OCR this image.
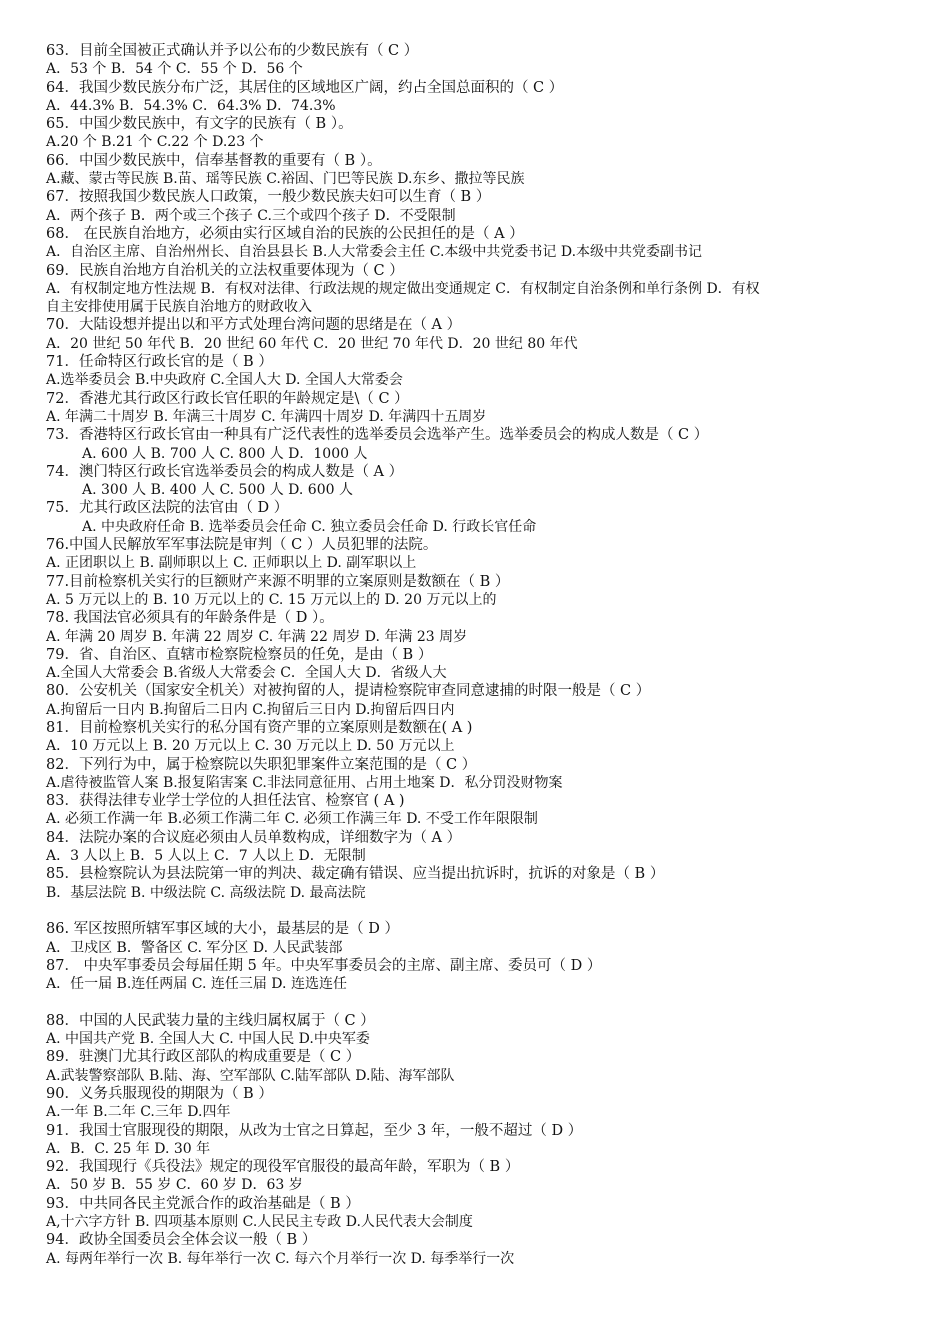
63．目前全国被正式确认并予以公布的少数民族有（ C ）
A．53 个 B．54 个 C．55 个 D．56 个
64．我国少数民族分布广泛，其居住的区域地区广阔，约占全国总面积的（ C ）
A．44.3% B．54.3% C．64.3% D．74.3%
65．中国少数民族中，有文字的民族有（ B ）。
A.20 个 B.21 个 C.22 个 D.23 个
66．中国少数民族中，信奉基督教的重要有（ B ）。
A.藏、蒙古等民族 B.苗、瑶等民族 C.裕固、门巴等民族 D.东乡、撒拉等民族
67．按照我国少数民族人口政策，一般少数民族夫妇可以生育（ B ）
A．两个孩子 B．两个或三个孩子 C.三个或四个孩子 D．不受限制
68． 在民族自治地方，必须由实行区域自治的民族的公民担任的是（ A ）
A．自治区主席、自治州州长、自治县县长 B.人大常委会主任 C.本级中共党委书记 D.本级中共党委副书记
69．民族自治地方自治机关的立法权重要体现为（ C ）
A．有权制定地方性法规 B．有权对法律、行政法规的规定做出变通规定 C．有权制定自治条例和单行条例 D．有权
自主安排使用属于民族自治地方的财政收入
70．大陆设想并提出以和平方式处理台湾问题的思绪是在（ A ）
A．20 世纪 50 年代 B．20 世纪 60 年代 C．20 世纪 70 年代 D．20 世纪 80 年代
71．任命特区行政长官的是（ B ）
A.选举委员会 B.中央政府 C.全国人大 D. 全国人大常委会
72．香港尤其行政区行政长官任职的年龄规定是\（ C ）
A. 年满二十周岁 B. 年满三十周岁 C. 年满四十周岁 D. 年满四十五周岁
73．香港特区行政长官由一种具有广泛代表性的选举委员会选举产生。选举委员会的构成人数是（ C ）
A. 600 人 B. 700 人 C. 800 人 D．1000 人
74．澳门特区行政长官选举委员会的构成人数是（ A ）
A. 300 人 B. 400 人 C. 500 人 D. 600 人
75．尤其行政区法院的法官由（ D ）
A. 中央政府任命 B. 选举委员会任命 C. 独立委员会任命 D. 行政长官任命
76.中国人民解放军军事法院是审判（ C ）人员犯罪的法院。
A. 正团职以上 B. 副师职以上 C. 正师职以上 D. 副军职以上
77.目前检察机关实行的巨额财产来源不明罪的立案原则是数额在（ B ）
A. 5 万元以上的 B. 10 万元以上的 C. 15 万元以上的 D. 20 万元以上的
78. 我国法官必须具有的年龄条件是（ D ）。
A. 年满 20 周岁 B. 年满 22 周岁 C. 年满 22 周岁 D. 年满 23 周岁
79．省、自治区、直辖市检察院检察员的任免，是由（ B ）
A.全国人大常委会 B.省级人大常委会 C．全国人大 D．省级人大
80．公安机关（国家安全机关）对被拘留的人，提请检察院审查同意逮捕的时限一般是（ C ）
A.拘留后一日内 B.拘留后二日内 C.拘留后三日内 D.拘留后四日内
81．目前检察机关实行的私分国有资产罪的立案原则是数额在( A )
A．10 万元以上 B. 20 万元以上 C. 30 万元以上 D. 50 万元以上
82．下列行为中，属于检察院以失职犯罪案件立案范围的是（ C ）
A.虐待被监管人案 B.报复陷害案 C.非法同意征用、占用土地案 D．私分罚没财物案
83．获得法律专业学士学位的人担任法官、检察官 ( A )
A. 必须工作满一年 B.必须工作满二年 C. 必须工作满三年 D. 不受工作年限限制
84．法院办案的合议庭必须由人员单数构成，详细数字为（ A ）
A．3 人以上 B．5 人以上 C．7 人以上 D．无限制
85．县检察院认为县法院第一审的判决、裁定确有错误、应当提出抗诉时，抗诉的对象是（ B ）
B．基层法院 B. 中级法院 C. 高级法院 D. 最高法院
86. 军区按照所辖军事区域的大小，最基层的是（ D ）
A．卫戍区 B．警备区 C. 军分区 D. 人民武装部
87． 中央军事委员会每届任期 5 年。中央军事委员会的主席、副主席、委员可（ D ）
A．任一届 B.连任两届 C. 连任三届 D. 连选连任
88．中国的人民武装力量的主线归属权属于（ C ）
A. 中国共产党 B. 全国人大 C. 中国人民 D.中央军委
89．驻澳门尤其行政区部队的构成重要是（ C ）
A.武装警察部队 B.陆、海、空军部队 C.陆军部队 D.陆、海军部队
90．义务兵服现役的期限为（ B ）
A.一年 B.二年 C.三年 D.四年
91．我国士官服现役的期限，从改为士官之日算起，至少 3 年，一般不超过（ D ）
A．B．C. 25 年 D. 30 年
92．我国现行《兵役法》规定的现役军官服役的最高年龄，军职为（ B ）
A．50 岁 B．55 岁 C．60 岁 D．63 岁
93．中共同各民主党派合作的政治基础是（ B ）
A,十六字方针 B. 四项基本原则 C.人民民主专政 D.人民代表大会制度
94．政协全国委员会全体会议一般（ B ）
A. 每两年举行一次 B. 每年举行一次 C. 每六个月举行一次 D. 每季举行一次
